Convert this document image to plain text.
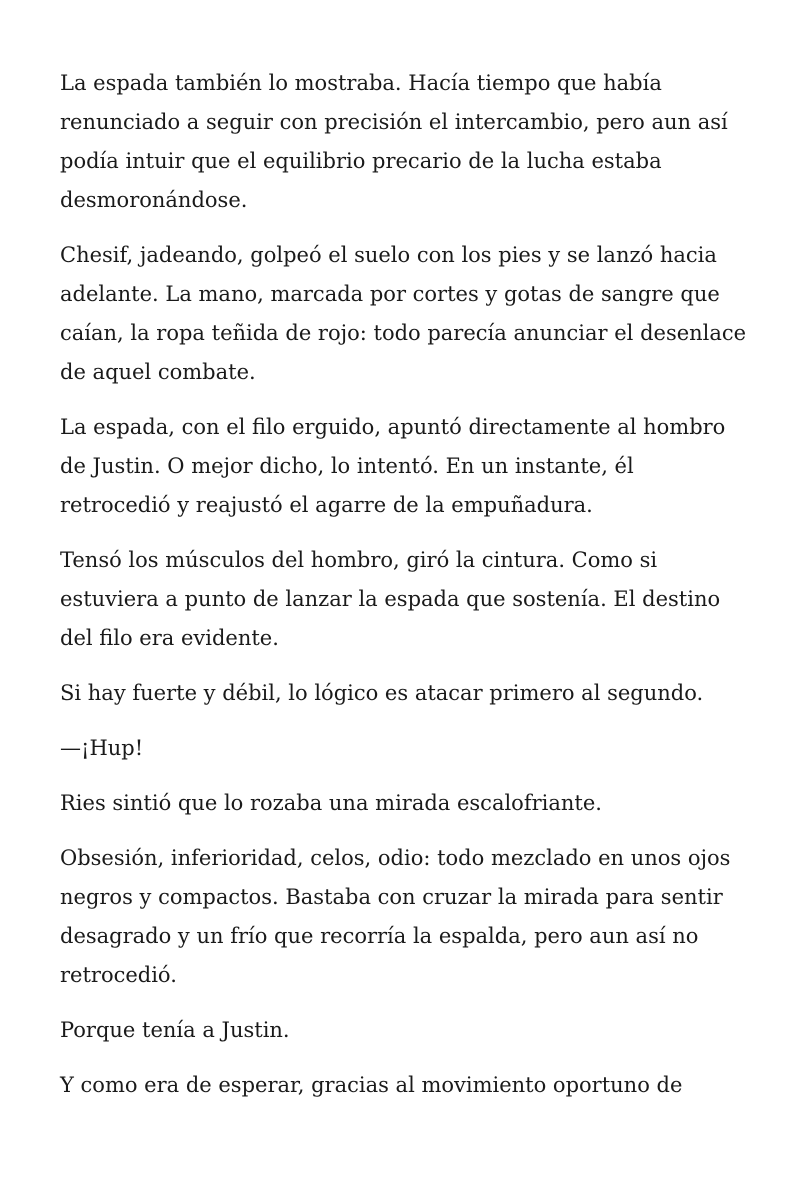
La espada también lo mostraba. Hacía tiempo que había renunciado a seguir con precisión el intercambio, pero aun así podía intuir que el equilibrio precario de la lucha estaba desmoronándose.

Chesif, jadeando, golpeó el suelo con los pies y se lanzó hacia adelante. La mano, marcada por cortes y gotas de sangre que caían, la ropa teñida de rojo: todo parecía anunciar el desenlace de aquel combate.

La espada, con el filo erguido, apuntó directamente al hombro de Justin. O mejor dicho, lo intentó. En un instante, él retrocedió y reajustó el agarre de la empuñadura.

Tensó los músculos del hombro, giró la cintura. Como si estuviera a punto de lanzar la espada que sostenía. El destino del filo era evidente.

Si hay fuerte y débil, lo lógico es atacar primero al segundo.

—¡Hup!

Ries sintió que lo rozaba una mirada escalofriante.

Obsesión, inferioridad, celos, odio: todo mezclado en unos ojos negros y compactos. Bastaba con cruzar la mirada para sentir desagrado y un frío que recorría la espalda, pero aun así no retrocedió.

Porque tenía a Justin.

Y como era de esperar, gracias al movimiento oportuno de
